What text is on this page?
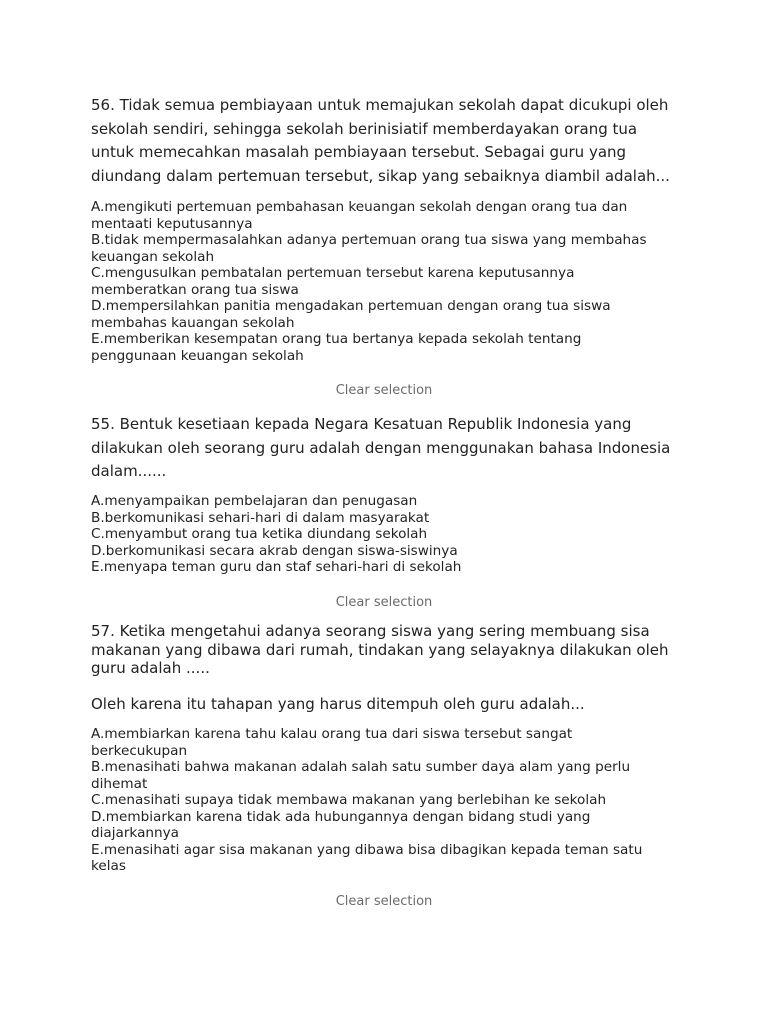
56. Tidak semua pembiayaan untuk memajukan sekolah dapat dicukupi oleh
sekolah sendiri, sehingga sekolah berinisiatif memberdayakan orang tua
untuk memecahkan masalah pembiayaan tersebut. Sebagai guru yang
diundang dalam pertemuan tersebut, sikap yang sebaiknya diambil adalah...

A.mengikuti pertemuan pembahasan keuangan sekolah dengan orang tua dan
mentaati keputusannya
B.tidak mempermasalahkan adanya pertemuan orang tua siswa yang membahas
keuangan sekolah
C.mengusulkan pembatalan pertemuan tersebut karena keputusannya
memberatkan orang tua siswa
D.mempersilahkan panitia mengadakan pertemuan dengan orang tua siswa
membahas kauangan sekolah
E.memberikan kesempatan orang tua bertanya kepada sekolah tentang
penggunaan keuangan sekolah
Clear selection

55. Bentuk kesetiaan kepada Negara Kesatuan Republik Indonesia yang
dilakukan oleh seorang guru adalah dengan menggunakan bahasa Indonesia
dalam......

A.menyampaikan pembelajaran dan penugasan
B.berkomunikasi sehari-hari di dalam masyarakat
C.menyambut orang tua ketika diundang sekolah
D.berkomunikasi secara akrab dengan siswa-siswinya
E.menyapa teman guru dan staf sehari-hari di sekolah
Clear selection

57. Ketika mengetahui adanya seorang siswa yang sering membuang sisa
makanan yang dibawa dari rumah, tindakan yang selayaknya dilakukan oleh
guru adalah .....

Oleh karena itu tahapan yang harus ditempuh oleh guru adalah...

A.membiarkan karena tahu kalau orang tua dari siswa tersebut sangat
berkecukupan
B.menasihati bahwa makanan adalah salah satu sumber daya alam yang perlu
dihemat
C.menasihati supaya tidak membawa makanan yang berlebihan ke sekolah
D.membiarkan karena tidak ada hubungannya dengan bidang studi yang
diajarkannya
E.menasihati agar sisa makanan yang dibawa bisa dibagikan kepada teman satu
kelas
Clear selection
